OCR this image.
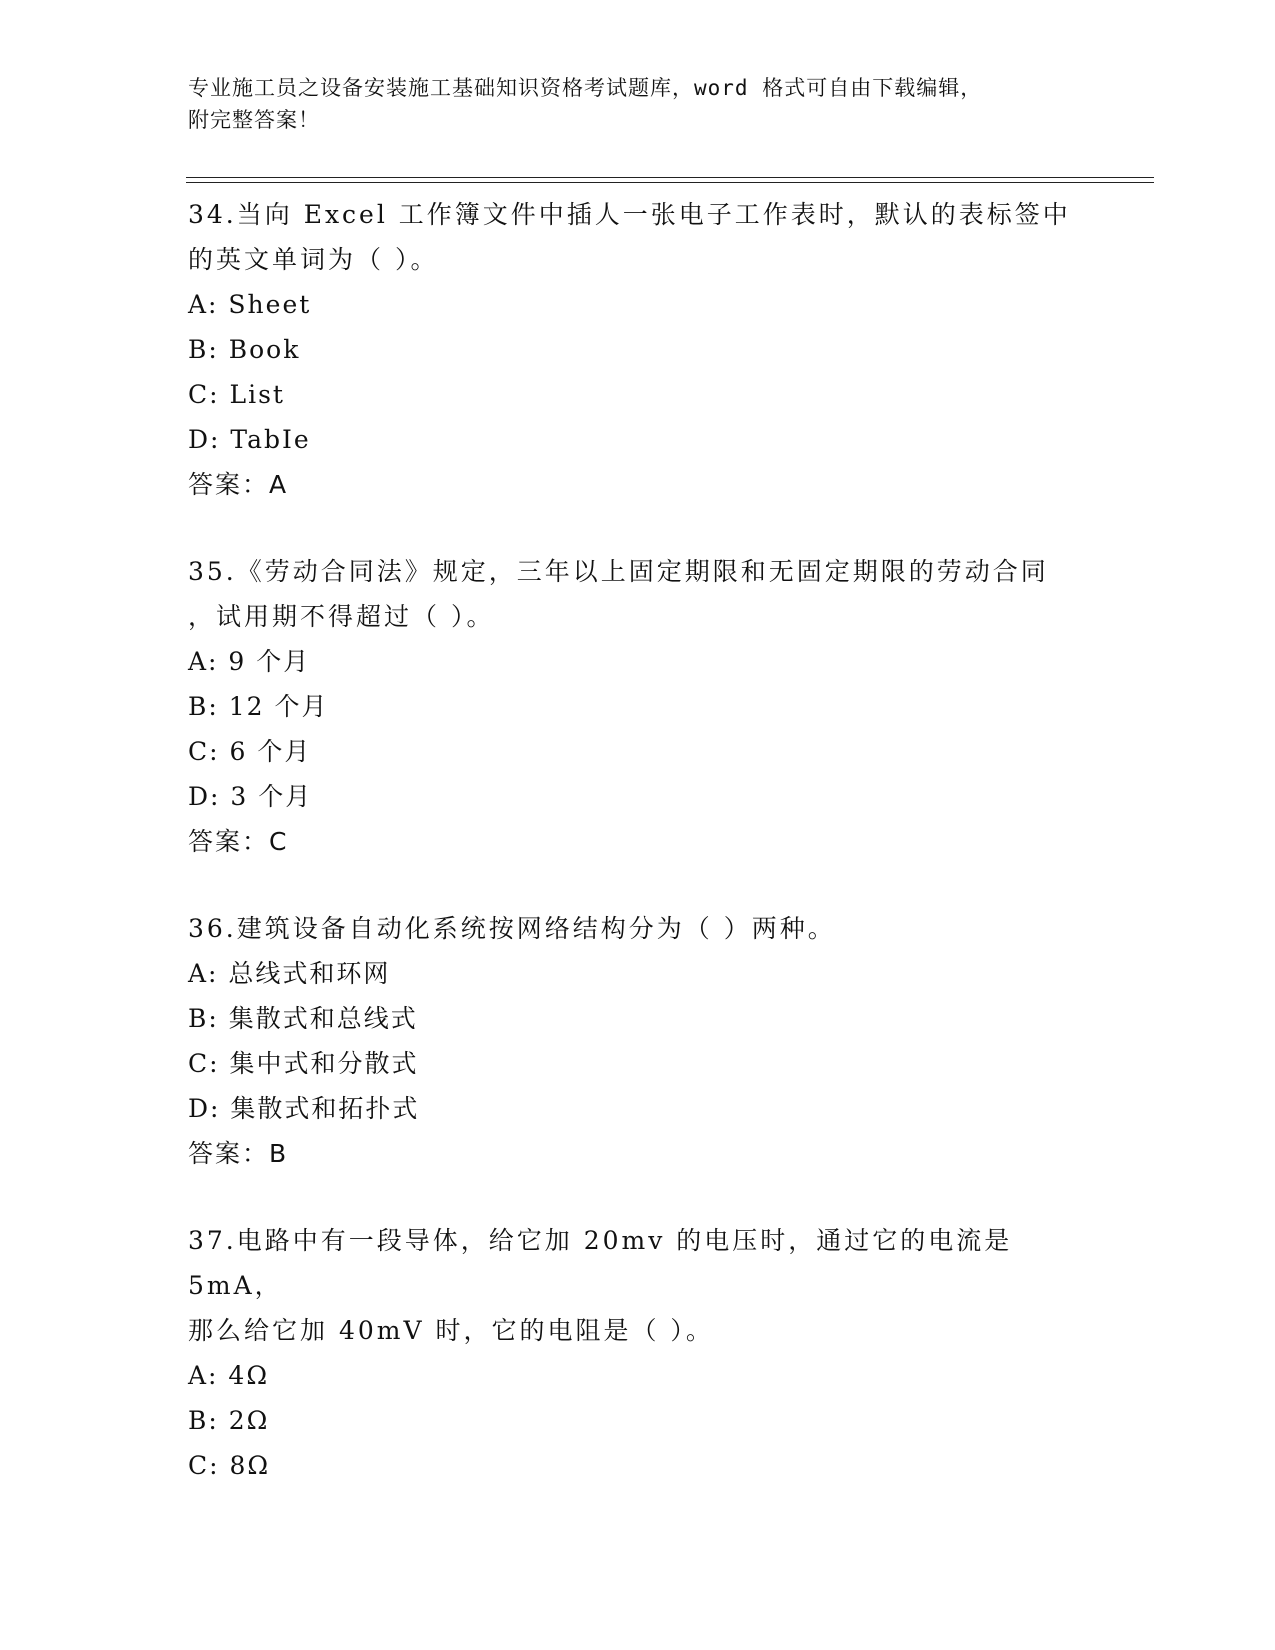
专业施工员之设备安装施工基础知识资格考试题库，word 格式可自由下载编辑，

附完整答案！

34.当向 Excel 工作簿文件中插人一张电子工作表时，默认的表标签中

的英文单词为（ ）。

A: Sheet

B: Book

C: List

D: TabIe

答案：A

35.《劳动合同法》规定，三年以上固定期限和无固定期限的劳动合同

，试用期不得超过（ ）。

A: 9 个月

B: 12 个月

C: 6 个月

D: 3 个月

答案：C

36.建筑设备自动化系统按网络结构分为（ ）两种。

A: 总线式和环网

B: 集散式和总线式

C: 集中式和分散式

D: 集散式和拓扑式

答案：B

37.电路中有一段导体，给它加 20mv 的电压时，通过它的电流是 5mA，

那么给它加 40mV 时，它的电阻是（ ）。

A: 4Ω

B: 2Ω

C: 8Ω
